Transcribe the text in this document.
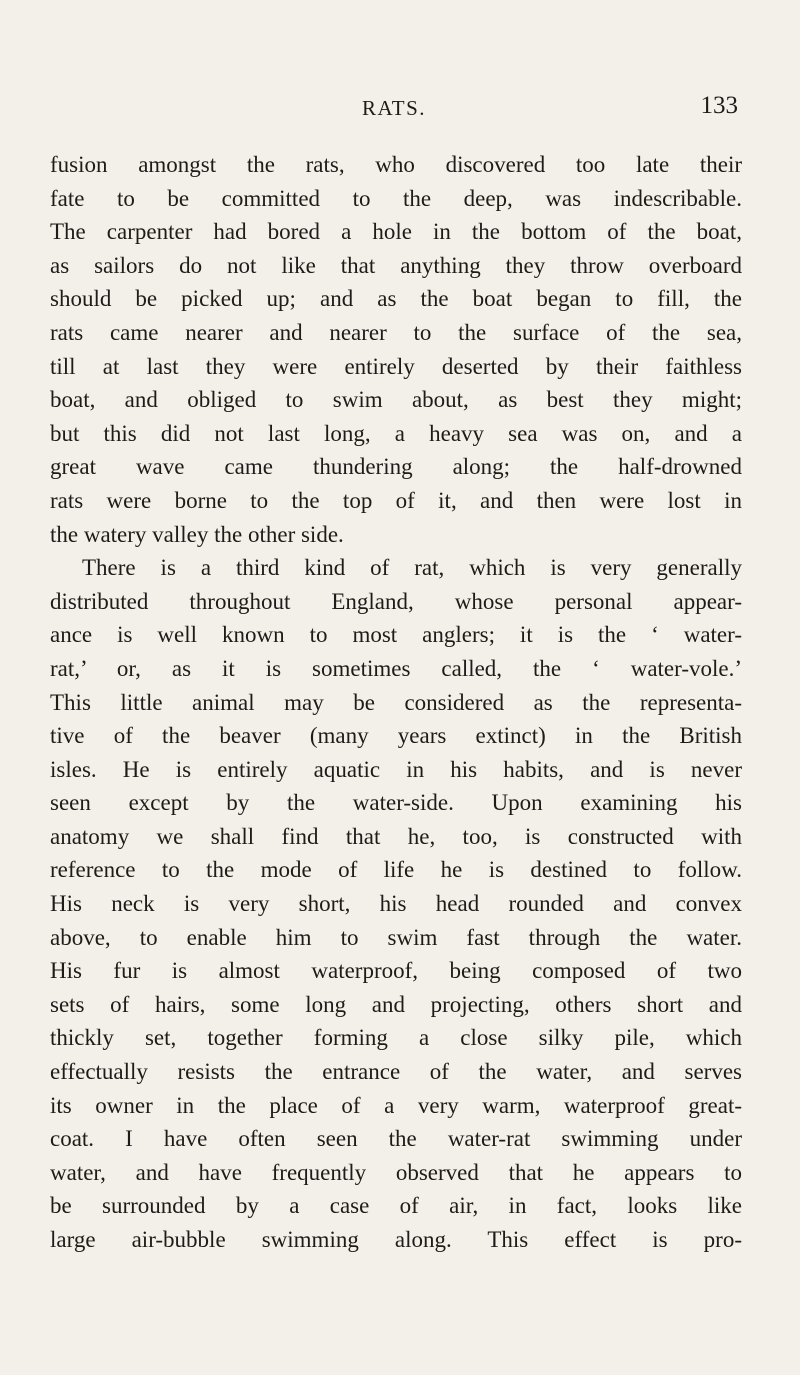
RATS.	133
fusion amongst the rats, who discovered too late their
fate to be committed to the deep, was indescribable.
The carpenter had bored a hole in the bottom of the boat,
as sailors do not like that anything they throw overboard
should be picked up; and as the boat began to fill, the
rats came nearer and nearer to the surface of the sea,
till at last they were entirely deserted by their faithless
boat, and obliged to swim about, as best they might;
but this did not last long, a heavy sea was on, and a
great wave came thundering along; the half-drowned
rats were borne to the top of it, and then were lost in
the watery valley the other side.
There is a third kind of rat, which is very generally
distributed throughout England, whose personal appear-
ance is well known to most anglers; it is the ‘ water-
rat,’ or, as it is sometimes called, the ‘ water-vole.’
This little animal may be considered as the representa-
tive of the beaver (many years extinct) in the British
isles. He is entirely aquatic in his habits, and is never
seen except by the water-side. Upon examining his
anatomy we shall find that he, too, is constructed with
reference to the mode of life he is destined to follow.
His neck is very short, his head rounded and convex
above, to enable him to swim fast through the water.
His fur is almost waterproof, being composed of two
sets of hairs, some long and projecting, others short and
thickly set, together forming a close silky pile, which
effectually resists the entrance of the water, and serves
its owner in the place of a very warm, waterproof great-
coat. I have often seen the water-rat swimming under
water, and have frequently observed that he appears to
be surrounded by a case of air, in fact, looks like
large air-bubble swimming along. This effect is pro-
